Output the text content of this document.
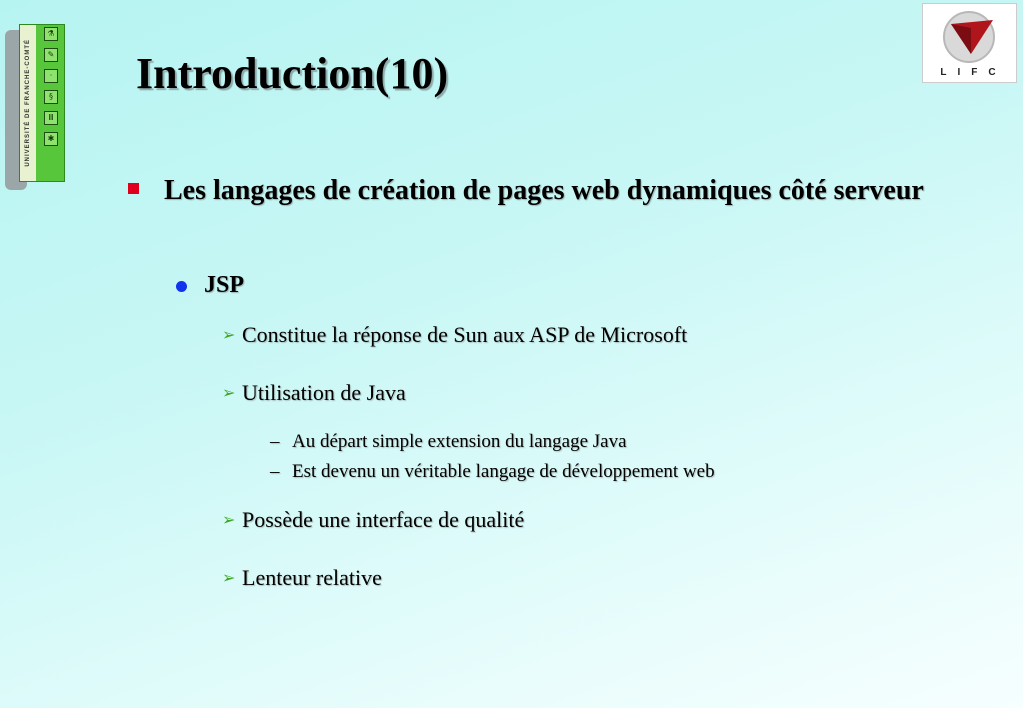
UNIVERSITÉ DE FRANCHE-COMTÉ
⚗
✎
·
§
Ⅲ
✱
LIFC
Introduction(10)
Les langages de création de pages web dynamiques côté serveur
JSP
➢ Constitue la réponse de Sun aux ASP de Microsoft
➢ Utilisation de Java
– Au départ simple extension du langage Java
– Est devenu un véritable langage de développement web
➢ Possède une interface de qualité
➢ Lenteur relative
